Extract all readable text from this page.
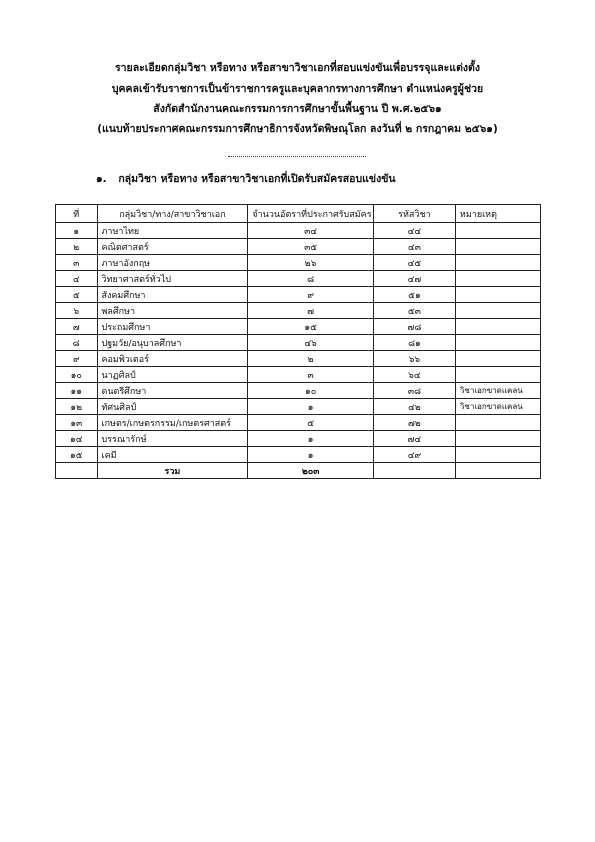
รายละเอียดกลุ่มวิชา หรือทาง หรือสาขาวิชาเอกที่สอบแข่งขันเพื่อบรรจุและแต่งตั้ง
บุคคลเข้ารับราชการเป็นข้าราชการครูและบุคลากรทางการศึกษา ตำแหน่งครูผู้ช่วย
สังกัดสำนักงานคณะกรรมการการศึกษาขั้นพื้นฐาน ปี พ.ศ.๒๕๖๑
(แนบท้ายประกาศคณะกรรมการศึกษาธิการจังหวัดพิษณุโลก ลงวันที่ ๒ กรกฎาคม ๒๕๖๑)
๑. กลุ่มวิชา หรือทาง หรือสาขาวิชาเอกที่เปิดรับสมัครสอบแข่งขัน
ที่	กลุ่มวิชา/ทาง/สาขาวิชาเอก	จำนวนอัตราที่ประกาศรับสมัคร	รหัสวิชา	หมายเหตุ
๑	ภาษาไทย	๓๔	๔๔	
๒	คณิตศาสตร์	๓๕	๔๓	
๓	ภาษาอังกฤษ	๒๖	๔๕	
๔	วิทยาศาสตร์ทั่วไป	๘	๔๗	
๕	สังคมศึกษา	๙	๕๑	
๖	พลศึกษา	๗	๕๓	
๗	ประถมศึกษา	๑๕	๗๘	
๘	ปฐมวัย/อนุบาลศึกษา	๔๖	๘๑	
๙	คอมพิวเตอร์	๒	๖๖	
๑๐	นาฏศิลป์	๓	๖๔	
๑๑	ดนตรีศึกษา	๑๐	๓๘	วิชาเอกขาดแคลน
๑๒	ทัศนศิลป์	๑	๔๒	วิชาเอกขาดแคลน
๑๓	เกษตร/เกษตรกรรม/เกษตรศาสตร์	๕	๗๒	
๑๔	บรรณารักษ์	๑	๗๔	
๑๕	เคมี	๑	๔๙	
	รวม	๒๐๓		
